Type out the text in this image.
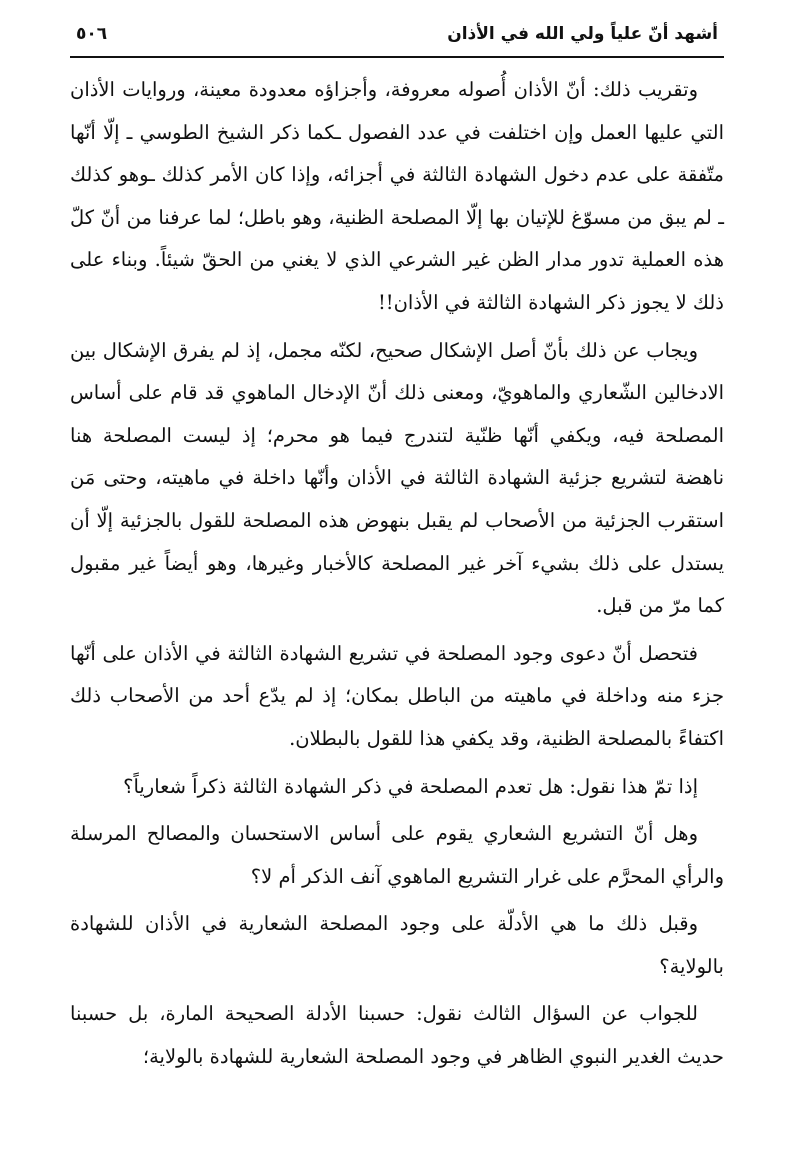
أشهد أنّ علياً ولي الله في الأذان
٥٠٦

وتقريب ذلك: أنّ الأذان أُصوله معروفة، وأجزاؤه معدودة معينة، وروايات الأذان التي عليها العمل وإن اختلفت في عدد الفصول ـكما ذكر الشيخ الطوسي ـ إلّا أنّها متّفقة على عدم دخول الشهادة الثالثة في أجزائه، وإذا كان الأمر كذلك ـوهو كذلك ـ لم يبق من مسوّغ للإتيان بها إلّا المصلحة الظنية، وهو باطل؛ لما عرفنا من أنّ كلّ هذه العملية تدور مدار الظن غير الشرعي الذي لا يغني من الحقّ شيئاً. وبناء على ذلك لا يجوز ذكر الشهادة الثالثة في الأذان!!

ويجاب عن ذلك بأنّ أصل الإشكال صحيح، لكنّه مجمل، إذ لم يفرق الإشكال بين الادخالين الشّعاري والماهويّ، ومعنى ذلك أنّ الإدخال الماهوي قد قام على أساس المصلحة فيه، ويكفي أنّها ظنّية لتندرج فيما هو محرم؛ إذ ليست المصلحة هنا ناهضة لتشريع جزئية الشهادة الثالثة في الأذان وأنّها داخلة في ماهيته، وحتى مَن استقرب الجزئية من الأصحاب لم يقبل بنهوض هذه المصلحة للقول بالجزئية إلّا أن يستدل على ذلك بشيء آخر غير المصلحة كالأخبار وغيرها، وهو أيضاً غير مقبول كما مرّ من قبل.

فتحصل أنّ دعوى وجود المصلحة في تشريع الشهادة الثالثة في الأذان على أنّها جزء منه وداخلة في ماهيته من الباطل بمكان؛ إذ لم يدّع أحد من الأصحاب ذلك اكتفاءً بالمصلحة الظنية، وقد يكفي هذا للقول بالبطلان.

إذا تمّ هذا نقول: هل تعدم المصلحة في ذكر الشهادة الثالثة ذكراً شعارياً؟

وهل أنّ التشريع الشعاري يقوم على أساس الاستحسان والمصالح المرسلة والرأي المحرَّم على غرار التشريع الماهوي آنف الذكر أم لا؟

وقبل ذلك ما هي الأدلّة على وجود المصلحة الشعارية في الأذان للشهادة بالولاية؟

للجواب عن السؤال الثالث نقول: حسبنا الأدلة الصحيحة المارة، بل حسبنا حديث الغدير النبوي الظاهر في وجود المصلحة الشعارية للشهادة بالولاية؛
